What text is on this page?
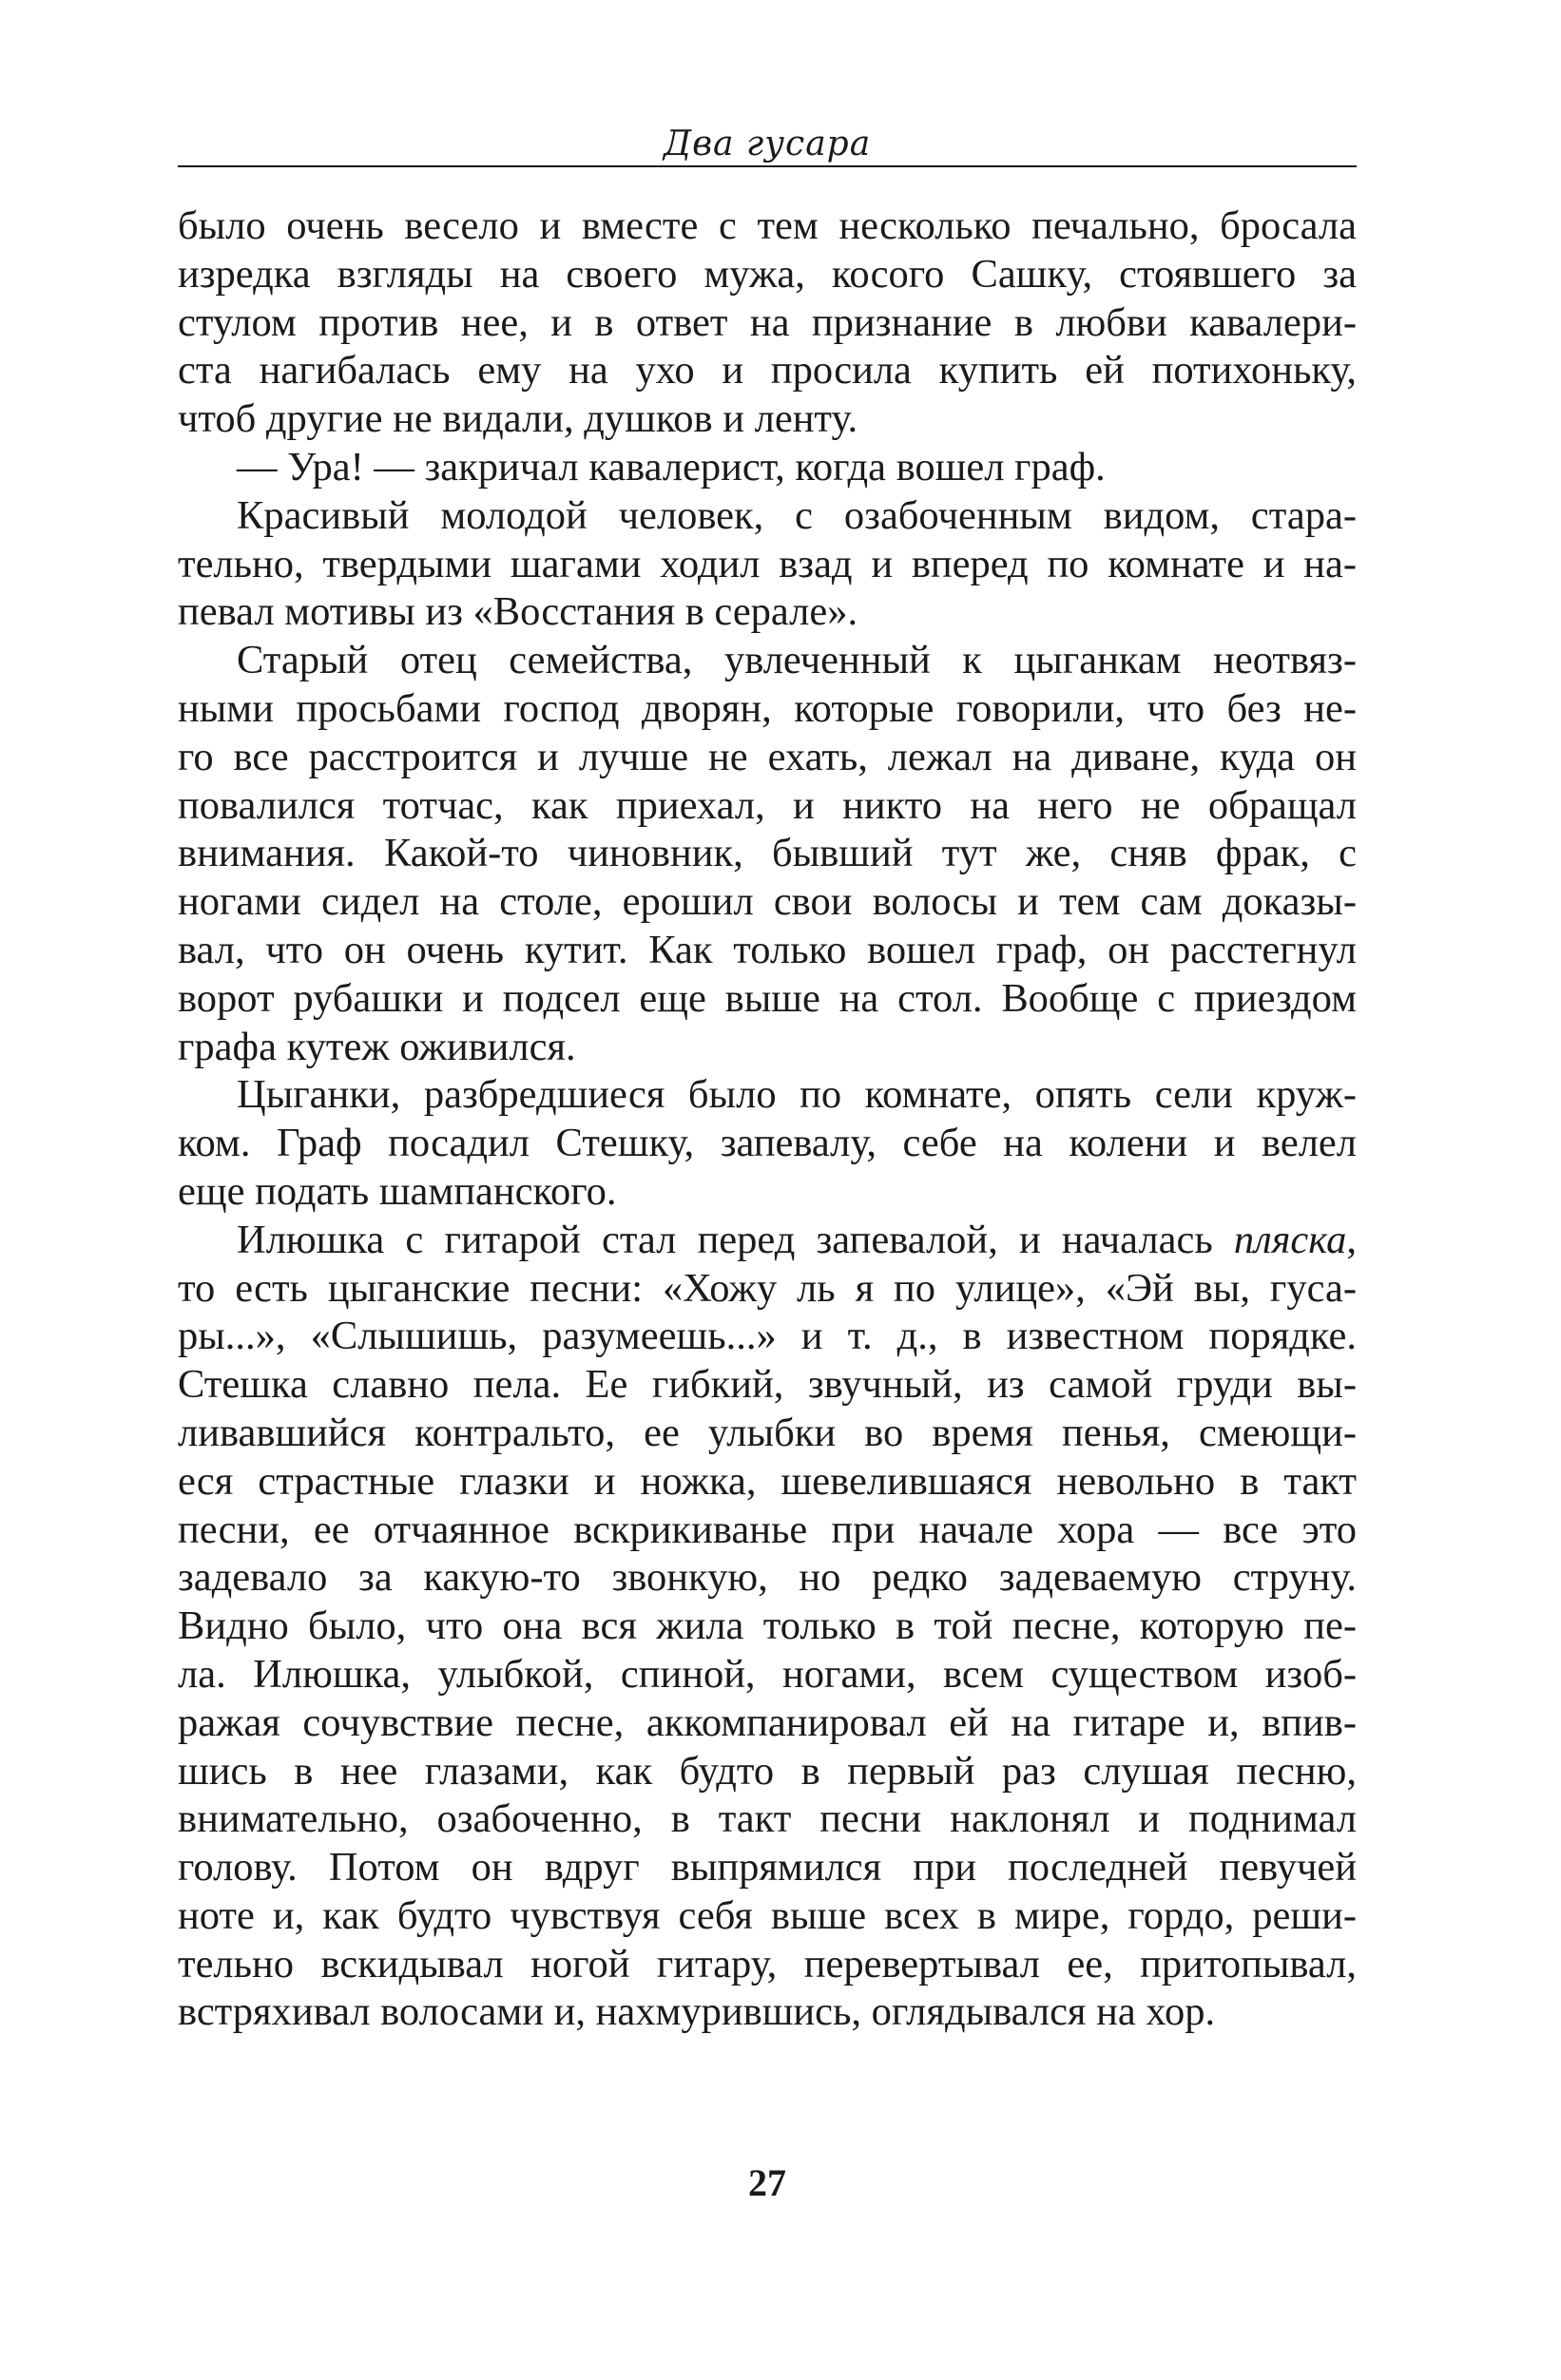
Два гусара
было очень весело и вместе с тем несколько печально, бросала
изредка взгляды на своего мужа, косого Сашку, стоявшего за
стулом против нее, и в ответ на признание в любви кавалери-
ста нагибалась ему на ухо и просила купить ей потихоньку,
чтоб другие не видали, душков и ленту.
— Ура! — закричал кавалерист, когда вошел граф.
Красивый молодой человек, с озабоченным видом, стара-
тельно, твердыми шагами ходил взад и вперед по комнате и на-
певал мотивы из «Восстания в серале».
Старый отец семейства, увлеченный к цыганкам неотвяз-
ными просьбами господ дворян, которые говорили, что без не-
го все расстроится и лучше не ехать, лежал на диване, куда он
повалился тотчас, как приехал, и никто на него не обращал
внимания. Какой-то чиновник, бывший тут же, сняв фрак, с
ногами сидел на столе, ерошил свои волосы и тем сам доказы-
вал, что он очень кутит. Как только вошел граф, он расстегнул
ворот рубашки и подсел еще выше на стол. Вообще с приездом
графа кутеж оживился.
Цыганки, разбредшиеся было по комнате, опять сели круж-
ком. Граф посадил Стешку, запевалу, себе на колени и велел
еще подать шампанского.
Илюшка с гитарой стал перед запевалой, и началась пляска,
то есть цыганские песни: «Хожу ль я по улице», «Эй вы, гуса-
ры...», «Слышишь, разумеешь...» и т. д., в известном порядке.
Стешка славно пела. Ее гибкий, звучный, из самой груди вы-
ливавшийся контральто, ее улыбки во время пенья, смеющи-
еся страстные глазки и ножка, шевелившаяся невольно в такт
песни, ее отчаянное вскрикиванье при начале хора — все это
задевало за какую-то звонкую, но редко задеваемую струну.
Видно было, что она вся жила только в той песне, которую пе-
ла. Илюшка, улыбкой, спиной, ногами, всем существом изоб-
ражая сочувствие песне, аккомпанировал ей на гитаре и, впив-
шись в нее глазами, как будто в первый раз слушая песню,
внимательно, озабоченно, в такт песни наклонял и поднимал
голову. Потом он вдруг выпрямился при последней певучей
ноте и, как будто чувствуя себя выше всех в мире, гордо, реши-
тельно вскидывал ногой гитару, перевертывал ее, притопывал,
встряхивал волосами и, нахмурившись, оглядывался на хор.
27
